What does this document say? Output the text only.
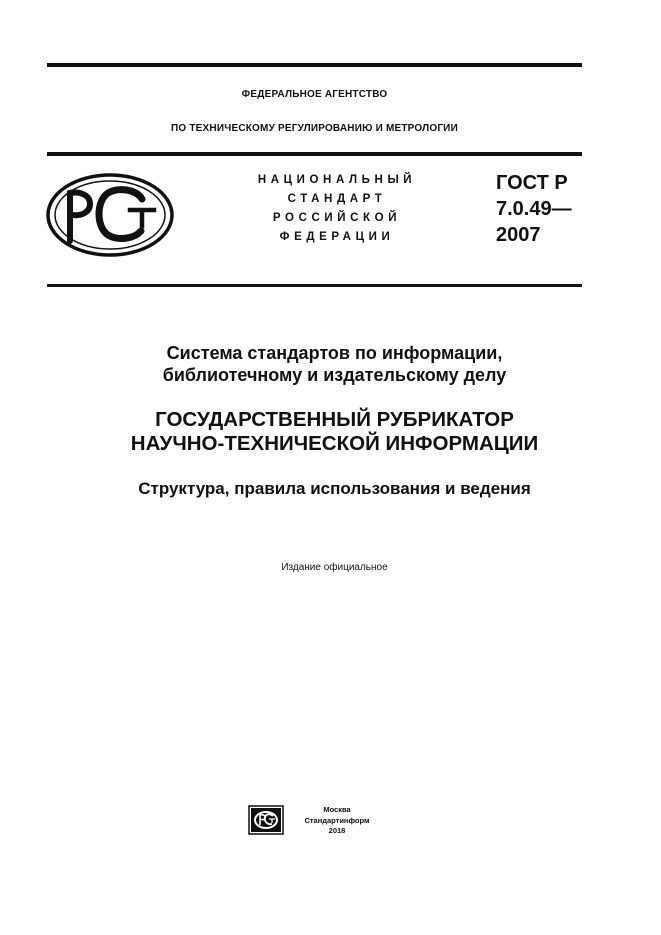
ФЕДЕРАЛЬНОЕ АГЕНТСТВО
ПО ТЕХНИЧЕСКОМУ РЕГУЛИРОВАНИЮ И МЕТРОЛОГИИ
НАЦИОНАЛЬНЫЙ
СТАНДАРТ
РОССИЙСКОЙ
ФЕДЕРАЦИИ
ГОСТ Р
7.0.49—
2007
Система стандартов по информации,
библиотечному и издательскому делу
ГОСУДАРСТВЕННЫЙ РУБРИКАТОР
НАУЧНО-ТЕХНИЧЕСКОЙ ИНФОРМАЦИИ
Структура, правила использования и ведения
Издание официальное
Москва
Стандартинформ
2018
